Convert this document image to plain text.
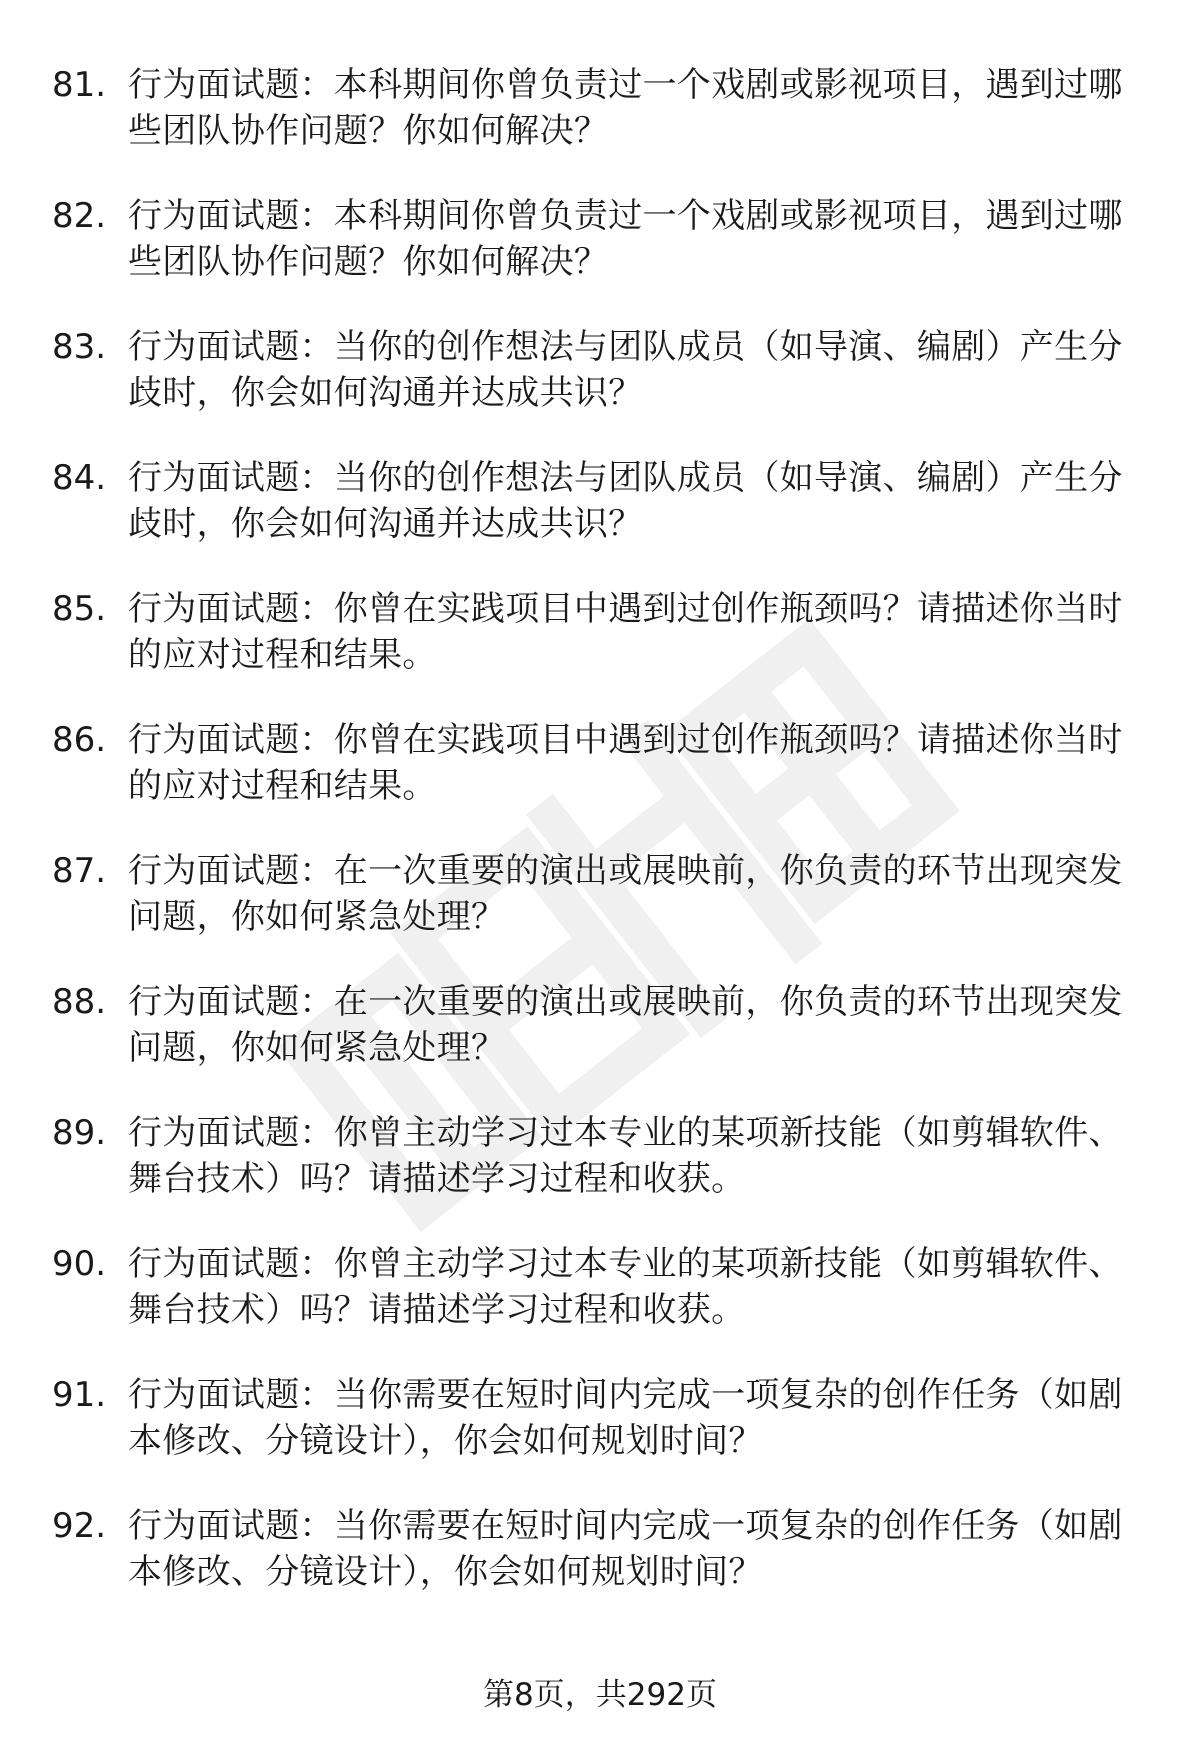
81. 行为面试题：本科期间你曾负责过一个戏剧或影视项目，遇到过哪些团队协作问题？你如何解决？
82. 行为面试题：本科期间你曾负责过一个戏剧或影视项目，遇到过哪些团队协作问题？你如何解决？
83. 行为面试题：当你的创作想法与团队成员（如导演、编剧）产生分歧时，你会如何沟通并达成共识？
84. 行为面试题：当你的创作想法与团队成员（如导演、编剧）产生分歧时，你会如何沟通并达成共识？
85. 行为面试题：你曾在实践项目中遇到过创作瓶颈吗？请描述你当时的应对过程和结果。
86. 行为面试题：你曾在实践项目中遇到过创作瓶颈吗？请描述你当时的应对过程和结果。
87. 行为面试题：在一次重要的演出或展映前，你负责的环节出现突发问题，你如何紧急处理？
88. 行为面试题：在一次重要的演出或展映前，你负责的环节出现突发问题，你如何紧急处理？
89. 行为面试题：你曾主动学习过本专业的某项新技能（如剪辑软件、舞台技术）吗？请描述学习过程和收获。
90. 行为面试题：你曾主动学习过本专业的某项新技能（如剪辑软件、舞台技术）吗？请描述学习过程和收获。
91. 行为面试题：当你需要在短时间内完成一项复杂的创作任务（如剧本修改、分镜设计），你会如何规划时间？
92. 行为面试题：当你需要在短时间内完成一项复杂的创作任务（如剧本修改、分镜设计），你会如何规划时间？
第8页，共292页
